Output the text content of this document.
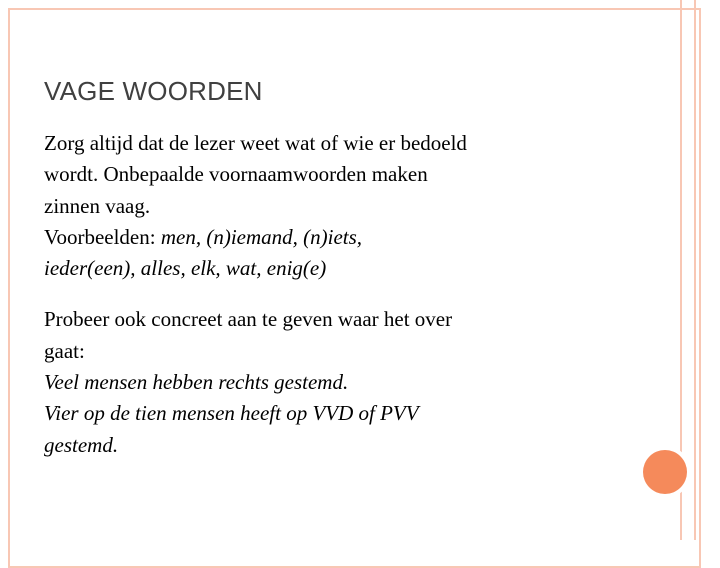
VAGE WOORDEN
Zorg altijd dat de lezer weet wat of wie er bedoeld
wordt. Onbepaalde voornaamwoorden maken
zinnen vaag.
Voorbeelden: men, (n)iemand, (n)iets,
ieder(een), alles, elk, wat, enig(e)
Probeer ook concreet aan te geven waar het over
gaat:
Veel mensen hebben rechts gestemd.
Vier op de tien mensen heeft op VVD of PVV
gestemd.
